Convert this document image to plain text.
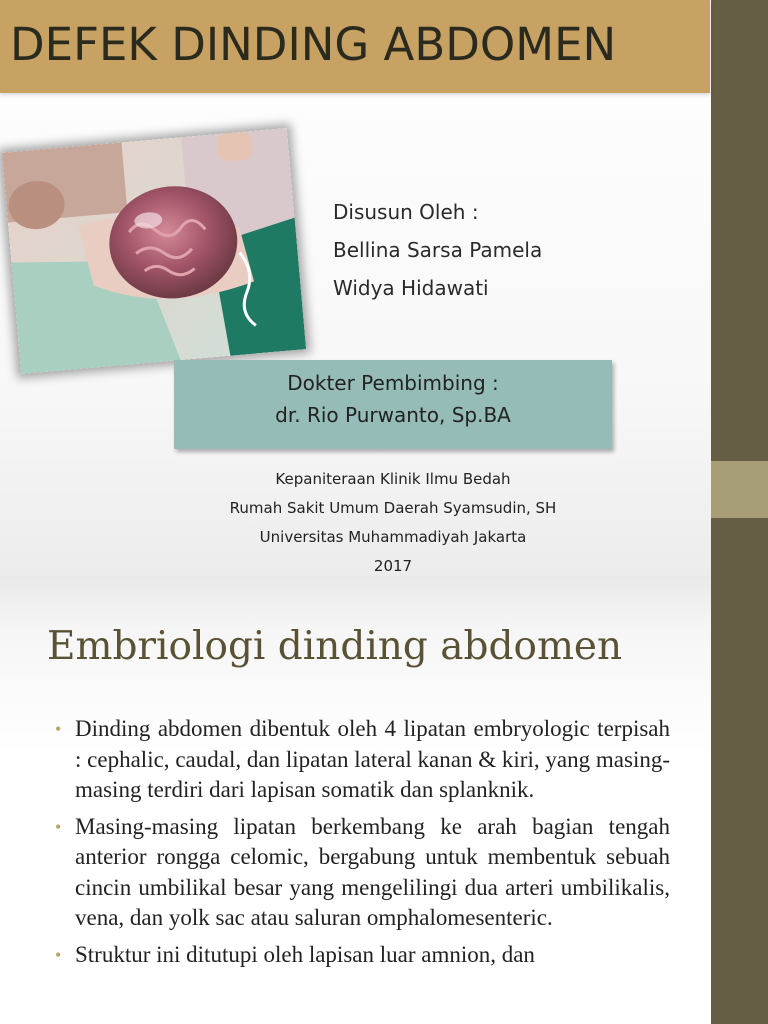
DEFEK DINDING ABDOMEN
Disusun Oleh :
Bellina Sarsa Pamela
Widya Hidawati
Dokter Pembimbing :
dr. Rio Purwanto, Sp.BA
Kepaniteraan Klinik Ilmu Bedah
Rumah Sakit Umum Daerah Syamsudin, SH
Universitas Muhammadiyah Jakarta
2017
Embriologi dinding abdomen
• Dinding abdomen dibentuk oleh 4 lipatan embryologic terpisah : cephalic, caudal, dan lipatan lateral kanan & kiri, yang masing-masing terdiri dari lapisan somatik dan splanknik.
• Masing-masing lipatan berkembang ke arah bagian tengah anterior rongga celomic, bergabung untuk membentuk sebuah cincin umbilikal besar yang mengelilingi dua arteri umbilikalis, vena, dan yolk sac atau saluran omphalomesenteric.
• Struktur ini ditutupi oleh lapisan luar amnion, dan
